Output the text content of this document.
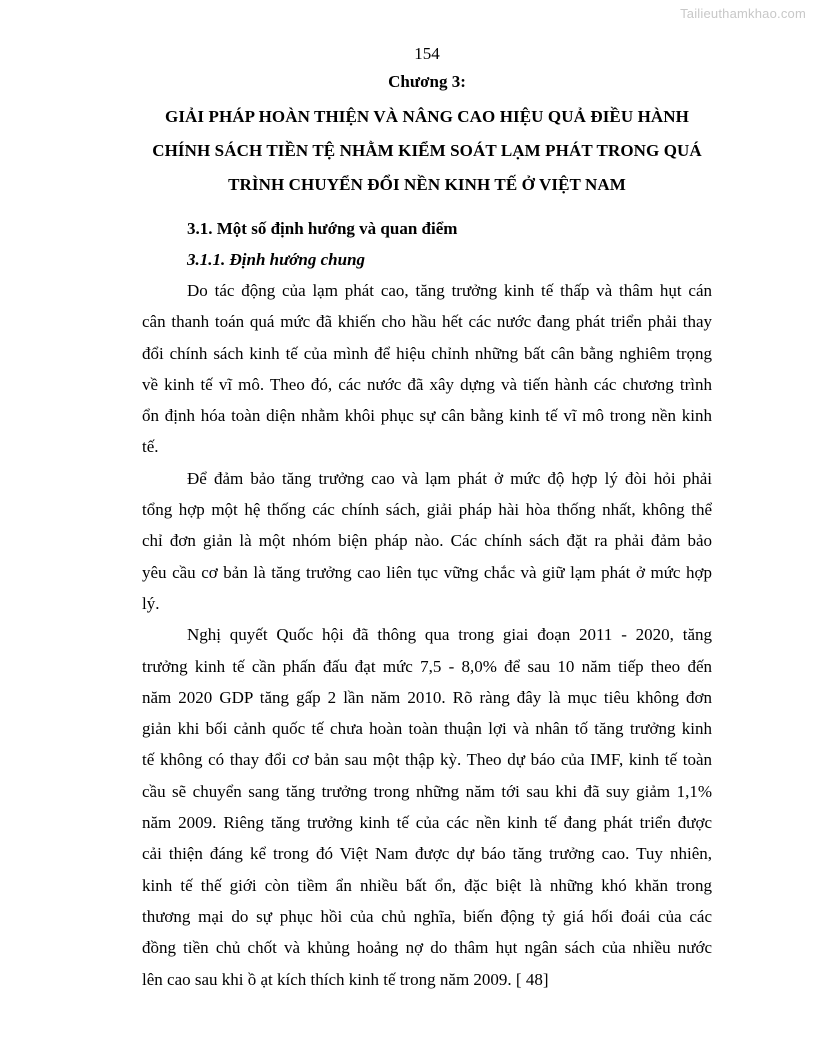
Tailieuthamkhao.com
154
Chương 3:
GIẢI PHÁP HOÀN THIỆN VÀ NÂNG CAO HIỆU QUẢ ĐIỀU HÀNH
CHÍNH SÁCH TIỀN TỆ NHẰM KIỂM SOÁT LẠM PHÁT TRONG QUÁ
TRÌNH CHUYỂN ĐỔI NỀN KINH TẾ Ở VIỆT NAM
3.1. Một số định hướng và quan điểm
3.1.1. Định hướng chung
Do tác động của lạm phát cao, tăng trưởng kinh tế thấp và thâm hụt cán
cân thanh toán quá mức đã khiến cho hầu hết các nước đang phát triển phải thay
đổi chính sách kinh tế của mình để hiệu chỉnh những bất cân bằng nghiêm trọng
về kinh tế vĩ mô. Theo đó, các nước đã xây dựng và tiến hành các chương trình
ổn định hóa toàn diện nhằm khôi phục sự cân bằng kinh tế vĩ mô trong nền kinh
tế.
Để đảm bảo tăng trưởng cao và lạm phát ở mức độ hợp lý đòi hỏi phải
tổng hợp một hệ thống các chính sách, giải pháp hài hòa thống nhất, không thể
chỉ đơn giản là một nhóm biện pháp nào. Các chính sách đặt ra phải đảm bảo
yêu cầu cơ bản là tăng trưởng cao liên tục vững chắc và giữ lạm phát ở mức hợp
lý.
Nghị quyết Quốc hội đã thông qua trong giai đoạn 2011 - 2020, tăng
trưởng kinh tế cần phấn đấu đạt mức 7,5 - 8,0% để sau 10 năm tiếp theo đến
năm 2020 GDP tăng gấp 2 lần năm 2010. Rõ ràng đây là mục tiêu không đơn
giản khi bối cảnh quốc tế chưa hoàn toàn thuận lợi và nhân tố tăng trưởng kinh
tế không có thay đổi cơ bản sau một thập kỳ. Theo dự báo của IMF, kinh tế toàn
cầu sẽ chuyển sang tăng trưởng trong những năm tới sau khi đã suy giảm 1,1%
năm 2009. Riêng tăng trưởng kinh tế của các nền kinh tế đang phát triển được
cải thiện đáng kể trong đó Việt Nam được dự báo tăng trưởng cao. Tuy nhiên,
kinh tế thế giới còn tiềm ẩn nhiều bất ổn, đặc biệt là những khó khăn trong
thương mại do sự phục hồi của chủ nghĩa, biến động tỷ giá hối đoái của các
đồng tiền chủ chốt và khủng hoảng nợ do thâm hụt ngân sách của nhiều nước
lên cao sau khi ồ ạt kích thích kinh tế trong năm 2009. [ 48]
